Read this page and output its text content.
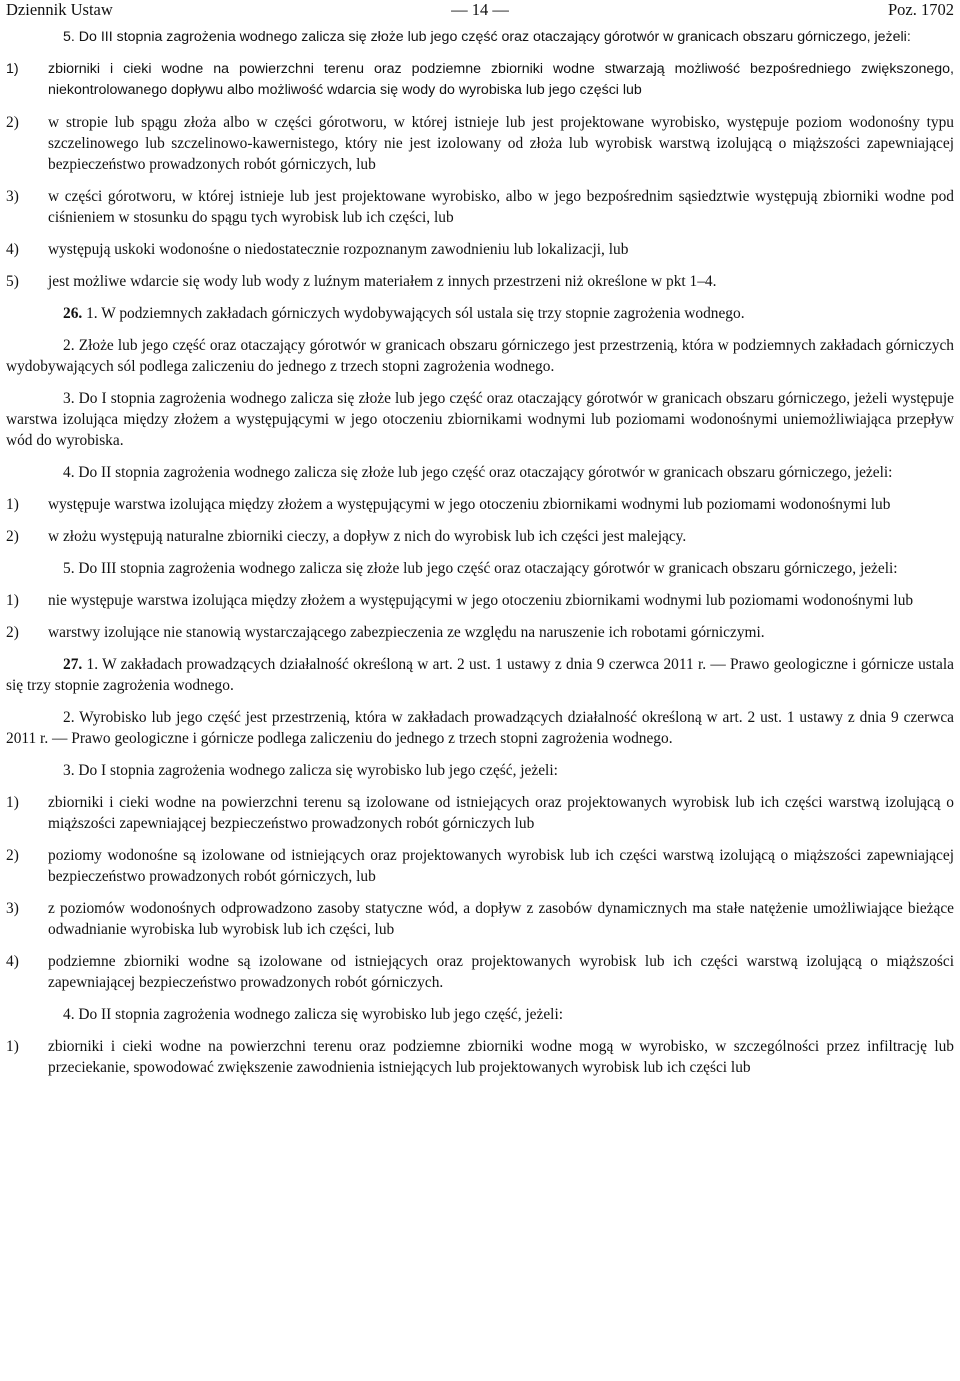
Dziennik Ustaw	— 14 —	Poz. 1702

5. Do III stopnia zagrożenia wodnego zalicza się złoże lub jego część oraz otaczający górotwór w granicach obszaru górniczego, jeżeli:

1)	zbiorniki i cieki wodne na powierzchni terenu oraz podziemne zbiorniki wodne stwarzają możliwość bezpośredniego zwiększonego, niekontrolowanego dopływu albo możliwość wdarcia się wody do wyrobiska lub jego części lub
2)	w stropie lub spągu złoża albo w części górotworu, w której istnieje lub jest projektowane wyrobisko, występuje poziom wodonośny typu szczelinowego lub szczelinowo-kawernistego, który nie jest izolowany od złoża lub wyrobisk warstwą izolującą o miąższości zapewniającej bezpieczeństwo prowadzonych robót górniczych, lub
3)	w części górotworu, w której istnieje lub jest projektowane wyrobisko, albo w jego bezpośrednim sąsiedztwie występują zbiorniki wodne pod ciśnieniem w stosunku do spągu tych wyrobisk lub ich części, lub
4)	występują uskoki wodonośne o niedostatecznie rozpoznanym zawodnieniu lub lokalizacji, lub
5)	jest możliwe wdarcie się wody lub wody z luźnym materiałem z innych przestrzeni niż określone w pkt 1–4.

26. 1. W podziemnych zakładach górniczych wydobywających sól ustala się trzy stopnie zagrożenia wodnego.

2. Złoże lub jego część oraz otaczający górotwór w granicach obszaru górniczego jest przestrzenią, która w podziemnych zakładach górniczych wydobywających sól podlega zaliczeniu do jednego z trzech stopni zagrożenia wodnego.

3. Do I stopnia zagrożenia wodnego zalicza się złoże lub jego część oraz otaczający górotwór w granicach obszaru górniczego, jeżeli występuje warstwa izolująca między złożem a występującymi w jego otoczeniu zbiornikami wodnymi lub poziomami wodonośnymi uniemożliwiająca przepływ wód do wyrobiska.

4. Do II stopnia zagrożenia wodnego zalicza się złoże lub jego część oraz otaczający górotwór w granicach obszaru górniczego, jeżeli:

1)	występuje warstwa izolująca między złożem a występującymi w jego otoczeniu zbiornikami wodnymi lub poziomami wodonośnymi lub
2)	w złożu występują naturalne zbiorniki cieczy, a dopływ z nich do wyrobisk lub ich części jest malejący.

5. Do III stopnia zagrożenia wodnego zalicza się złoże lub jego część oraz otaczający górotwór w granicach obszaru górniczego, jeżeli:

1)	nie występuje warstwa izolująca między złożem a występującymi w jego otoczeniu zbiornikami wodnymi lub poziomami wodonośnymi lub
2)	warstwy izolujące nie stanowią wystarczającego zabezpieczenia ze względu na naruszenie ich robotami górniczymi.

27. 1. W zakładach prowadzących działalność określoną w art. 2 ust. 1 ustawy z dnia 9 czerwca 2011 r. — Prawo geologiczne i górnicze ustala się trzy stopnie zagrożenia wodnego.

2. Wyrobisko lub jego część jest przestrzenią, która w zakładach prowadzących działalność określoną w art. 2 ust. 1 ustawy z dnia 9 czerwca 2011 r. — Prawo geologiczne i górnicze podlega zaliczeniu do jednego z trzech stopni zagrożenia wodnego.

3. Do I stopnia zagrożenia wodnego zalicza się wyrobisko lub jego część, jeżeli:

1)	zbiorniki i cieki wodne na powierzchni terenu są izolowane od istniejących oraz projektowanych wyrobisk lub ich części warstwą izolującą o miąższości zapewniającej bezpieczeństwo prowadzonych robót górniczych lub
2)	poziomy wodonośne są izolowane od istniejących oraz projektowanych wyrobisk lub ich części warstwą izolującą o miąższości zapewniającej bezpieczeństwo prowadzonych robót górniczych, lub
3)	z poziomów wodonośnych odprowadzono zasoby statyczne wód, a dopływ z zasobów dynamicznych ma stałe natężenie umożliwiające bieżące odwadnianie wyrobiska lub wyrobisk lub ich części, lub
4)	podziemne zbiorniki wodne są izolowane od istniejących oraz projektowanych wyrobisk lub ich części warstwą izolującą o miąższości zapewniającej bezpieczeństwo prowadzonych robót górniczych.

4. Do II stopnia zagrożenia wodnego zalicza się wyrobisko lub jego część, jeżeli:

1)	zbiorniki i cieki wodne na powierzchni terenu oraz podziemne zbiorniki wodne mogą w wyrobisko, w szczególności przez infiltrację lub przeciekanie, spowodować zwiększenie zawodnienia istniejących lub projektowanych wyrobisk lub ich części lub
